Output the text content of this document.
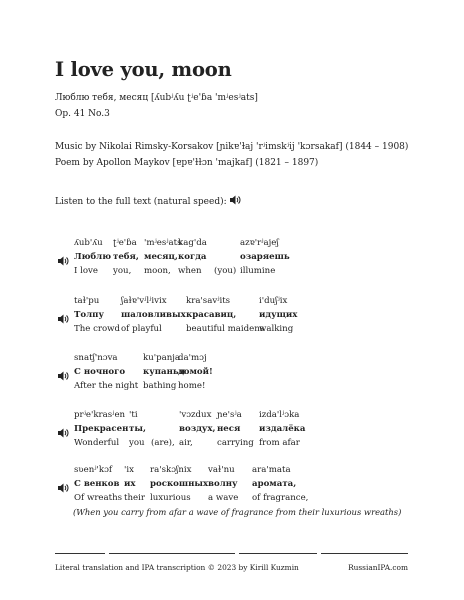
I love you, moon
Люблю тебя, месяц [ʎubʲʎu ʈʲe'ɓa 'mʲesʲats]
Op. 41 No.3
Music by Nikolai Rimsky-Korsakov [ɲikɐ'ɫaj 'rʲimskʲij 'kɔrsakaf] (1844 – 1908)
Poem by Apollon Maykov [ɐpɐ'ɫɫɔn 'majkaf] (1821 – 1897)
Listen to the full text (natural speed):
ʎub'ʎu
Люблю
I love
ʈʲe'ɓa
тебя,
you,
'mʲesʲats
месяц,
moon,
kag'da
когда
when	(you)
azɐ'rʲajeʃ
озаряешь
illumine
taɫ'pu
Толпу
The crowd
ʃaɫɐ'vʲlʲivix
шаловливых
of playful
kra'savʲits
красавиц,
beautiful maidens
i'duʃʲix
идущих
walking
snatʃ'nɔva
С ночного
After the night
ku'panja
купанья
bathing
da'mɔj
домой!
home!
prʲe'krasʲen
Прекрасен
Wonderful
'ti
ты,
you (are),
'vɔzdux
воздух,
air,
ɲe'sʲa
неся
carrying
izda'lʲɔka
издалёка
from afar
sʋenʲ'kɔf
С венков
Of wreaths
'ix
их
their
ra'skɔʃnix
роскошных
luxurious
vaɫ'nu
волну
a wave
ara'mata
аромата,
of fragrance,
(When you carry from afar a wave of fragrance from their luxurious wreaths)
Literal translation and IPA transcription © 2023 by Kirill Kuzmin	RussianIPA.com
